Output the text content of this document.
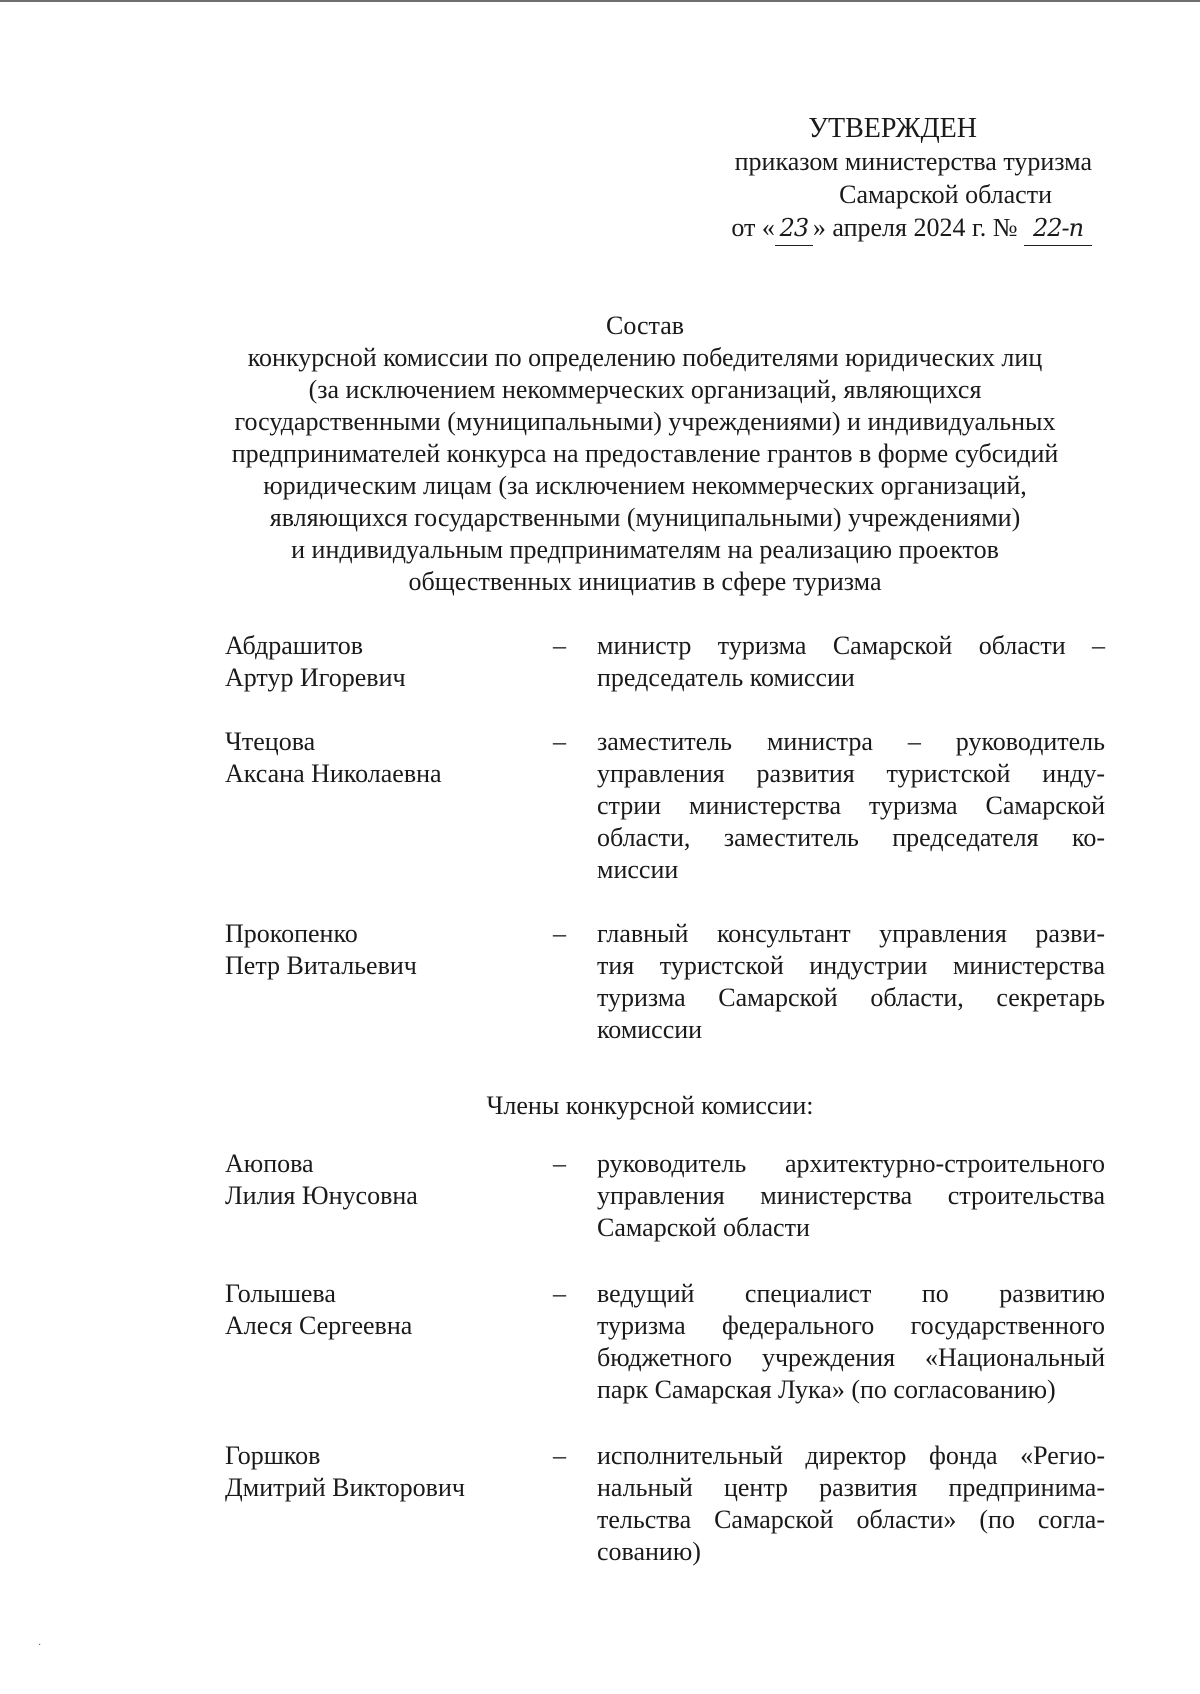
УТВЕРЖДЕН
приказом министерства туризма
Самарской области
от « 23 » апреля 2024 г. № 22-п
Состав
конкурсной комиссии по определению победителями юридических лиц
(за исключением некоммерческих организаций, являющихся
государственными (муниципальными) учреждениями) и индивидуальных
предпринимателей конкурса на предоставление грантов в форме субсидий
юридическим лицам (за исключением некоммерческих организаций,
являющихся государственными (муниципальными) учреждениями)
и индивидуальным предпринимателям на реализацию проектов
общественных инициатив в сфере туризма
Абдрашитов
Артур Игоревич
– министр туризма Самарской области –
председатель комиссии
Чтецова
Аксана Николаевна
– заместитель министра – руководитель
управления развития туристской инду-
стрии министерства туризма Самарской
области, заместитель председателя ко-
миссии
Прокопенко
Петр Витальевич
– главный консультант управления разви-
тия туристской индустрии министерства
туризма Самарской области, секретарь
комиссии
Члены конкурсной комиссии:
Аюпова
Лилия Юнусовна
– руководитель архитектурно-строительного
управления министерства строительства
Самарской области
Голышева
Алеся Сергеевна
– ведущий специалист по развитию
туризма федерального государственного
бюджетного учреждения «Национальный
парк Самарская Лука» (по согласованию)
Горшков
Дмитрий Викторович
– исполнительный директор фонда «Регио-
нальный центр развития предпринима-
тельства Самарской области» (по согла-
сованию)
·
